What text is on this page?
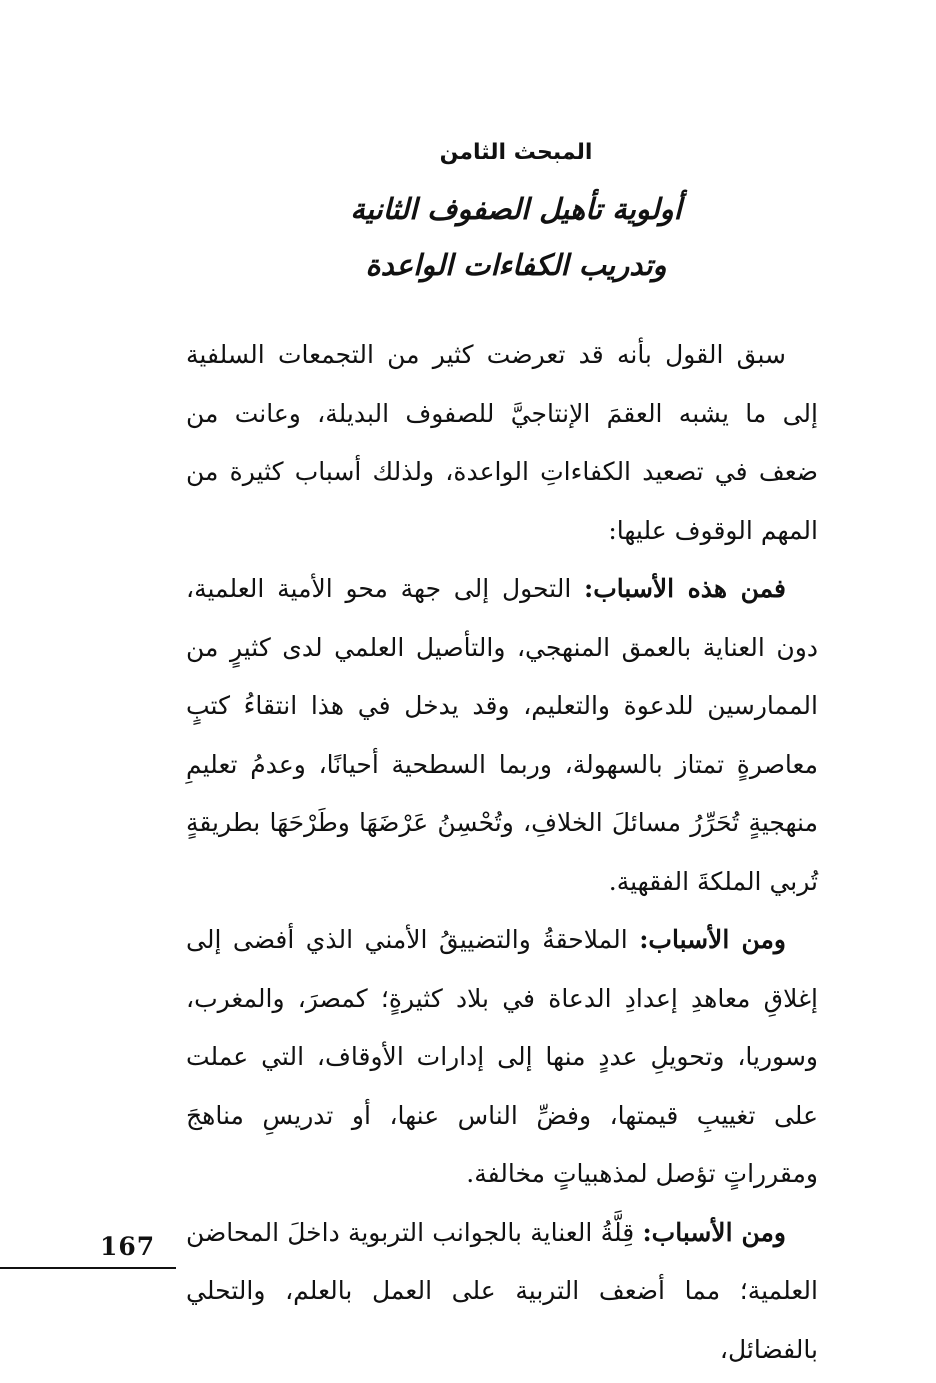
المبحث الثامن
أولوية تأهيل الصفوف الثانية
وتدريب الكفاءات الواعدة

سبق القول بأنه قد تعرضت كثير من التجمعات السلفية إلى ما يشبه العقمَ الإنتاجيَّ للصفوف البديلة، وعانت من ضعف في تصعيد الكفاءاتِ الواعدة، ولذلك أسباب كثيرة من المهم الوقوف عليها:

فمن هذه الأسباب: التحول إلى جهة محو الأمية العلمية، دون العناية بالعمق المنهجي، والتأصيل العلمي لدى كثيرٍ من الممارسين للدعوة والتعليم، وقد يدخل في هذا انتقاءُ كتبٍ معاصرةٍ تمتاز بالسهولة، وربما السطحية أحيانًا، وعدمُ تعليمِ منهجيةٍ تُحَرِّرُ مسائلَ الخلافِ، وتُحْسِنُ عَرْضَهَا وطَرْحَهَا بطريقةٍ تُربي الملكةَ الفقهية.

ومن الأسباب: الملاحقةُ والتضييقُ الأمني الذي أفضى إلى إغلاقِ معاهدِ إعدادِ الدعاة في بلاد كثيرةٍ؛ كمصرَ، والمغرب، وسوريا، وتحويلِ عددٍ منها إلى إدارات الأوقاف، التي عملت على تغييبِ قيمتها، وفضِّ الناس عنها، أو تدريسِ مناهجَ ومقرراتٍ تؤصل لمذهبياتٍ مخالفة.

ومن الأسباب: قِلَّةُ العناية بالجوانب التربوية داخلَ المحاضن العلمية؛ مما أضعف التربية على العمل بالعلم، والتحلي بالفضائل،

167
